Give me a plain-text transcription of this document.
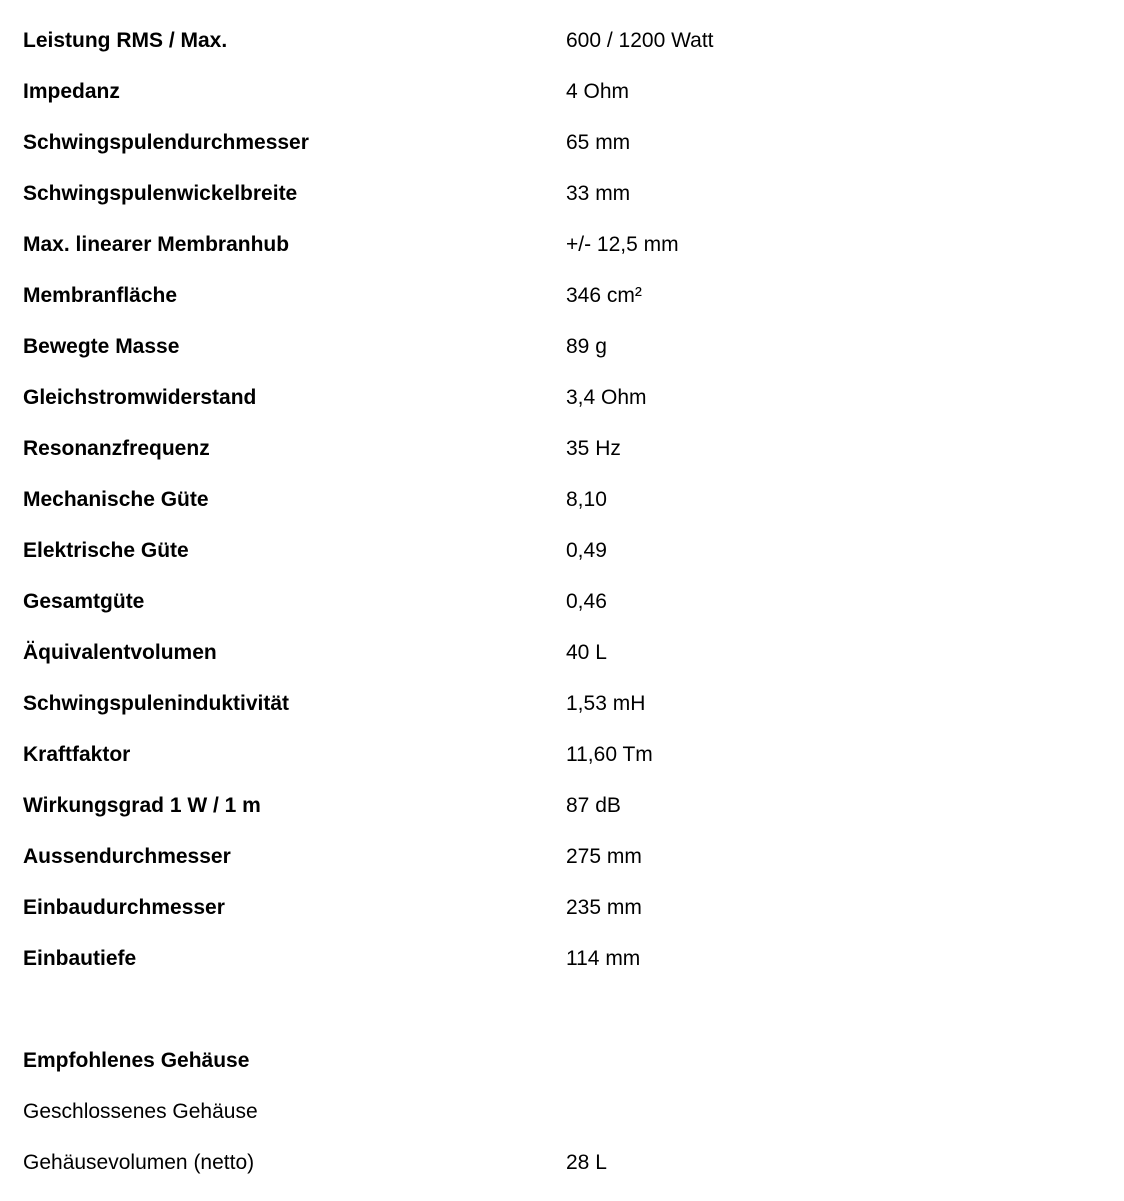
Leistung RMS / Max.	600 / 1200 Watt
Impedanz	4 Ohm
Schwingspulendurchmesser	65 mm
Schwingspulenwickelbreite	33 mm
Max. linearer Membranhub	+/- 12,5 mm
Membranfläche	346 cm²
Bewegte Masse	89 g
Gleichstromwiderstand	3,4 Ohm
Resonanzfrequenz	35 Hz
Mechanische Güte	8,10
Elektrische Güte	0,49
Gesamtgüte	0,46
Äquivalentvolumen	40 L
Schwingspuleninduktivität	1,53 mH
Kraftfaktor	11,60 Tm
Wirkungsgrad 1 W / 1 m	87 dB
Aussendurchmesser	275 mm
Einbaudurchmesser	235 mm
Einbautiefe	114 mm
Empfohlenes Gehäuse
Geschlossenes Gehäuse
Gehäusevolumen (netto)	28 L
